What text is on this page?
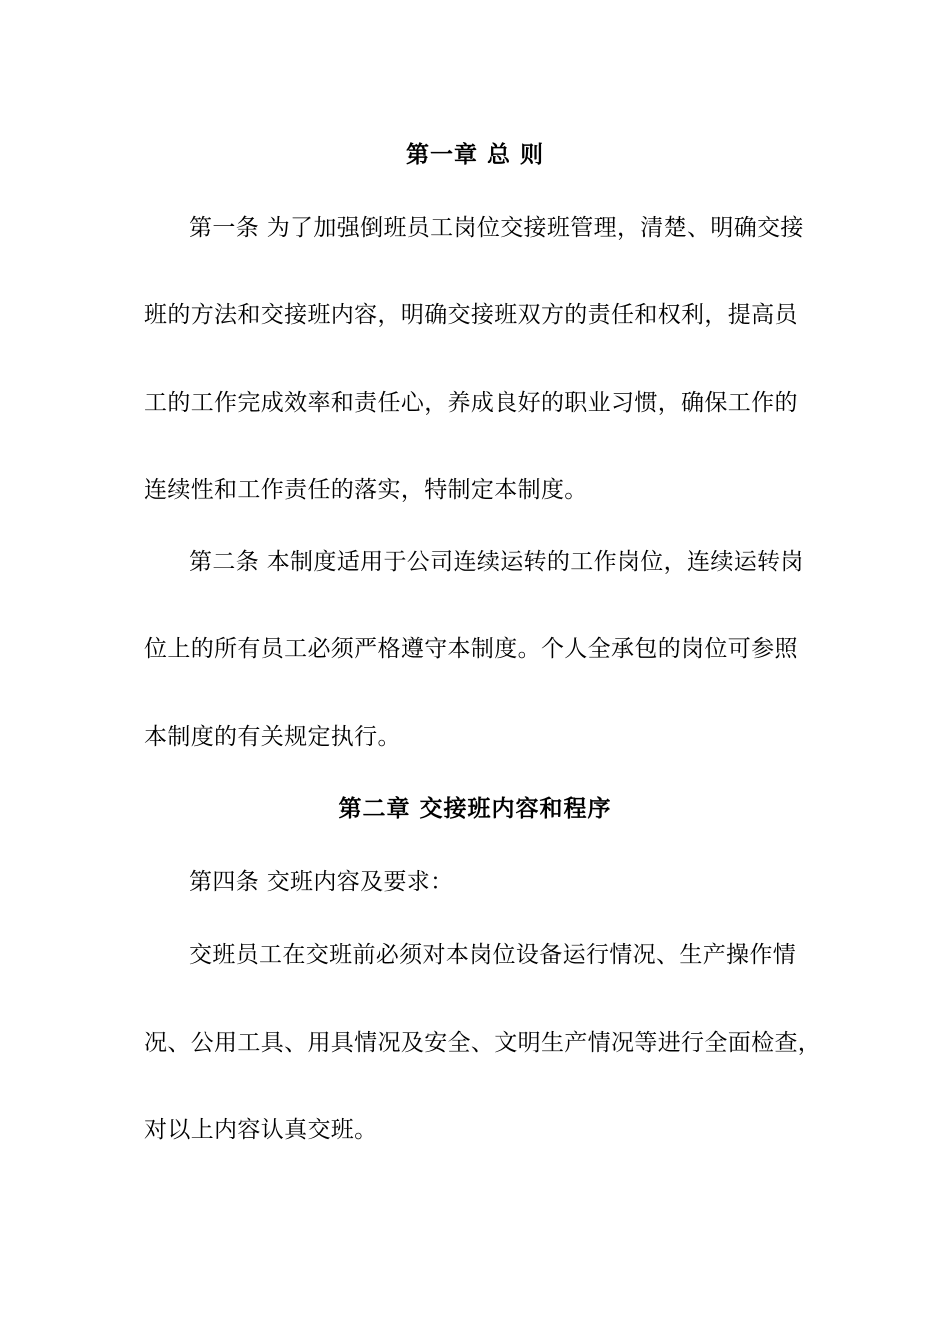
第一章 总 则
第一条 为了加强倒班员工岗位交接班管理，清楚、明确交接
班的方法和交接班内容，明确交接班双方的责任和权利，提高员
工的工作完成效率和责任心，养成良好的职业习惯，确保工作的
连续性和工作责任的落实，特制定本制度。
第二条 本制度适用于公司连续运转的工作岗位，连续运转岗
位上的所有员工必须严格遵守本制度。个人全承包的岗位可参照
本制度的有关规定执行。
第二章 交接班内容和程序
第四条 交班内容及要求：
交班员工在交班前必须对本岗位设备运行情况、生产操作情
况、公用工具、用具情况及安全、文明生产情况等进行全面检查，
对以上内容认真交班。
